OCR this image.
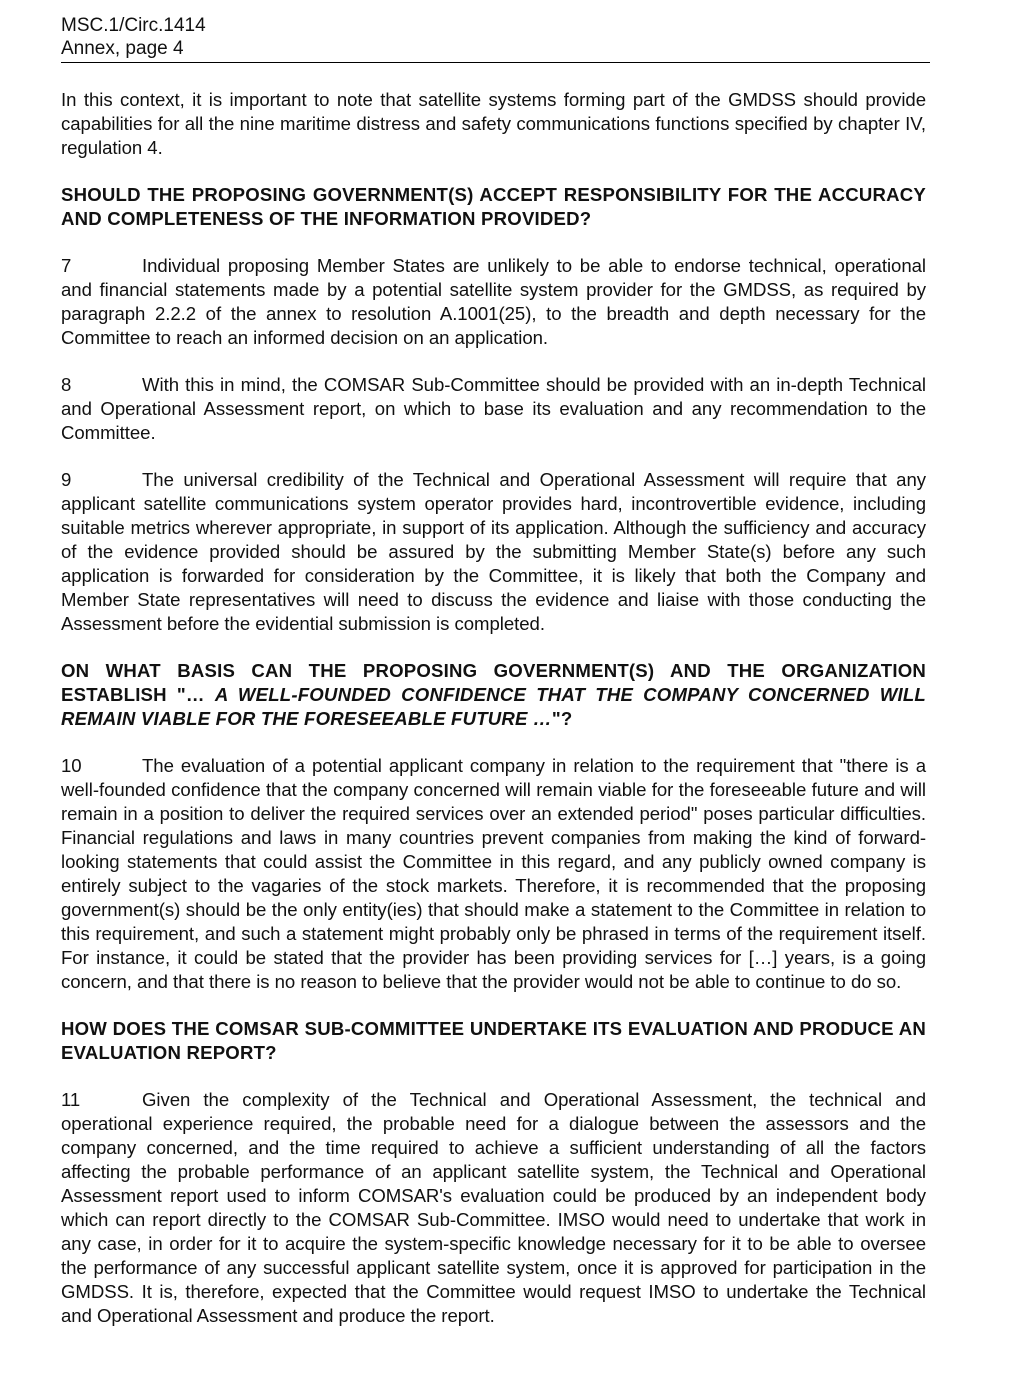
MSC.1/Circ.1414
Annex, page 4

In this context, it is important to note that satellite systems forming part of the GMDSS should provide capabilities for all the nine maritime distress and safety communications functions specified by chapter IV, regulation 4.

SHOULD THE PROPOSING GOVERNMENT(S) ACCEPT RESPONSIBILITY FOR THE ACCURACY AND COMPLETENESS OF THE INFORMATION PROVIDED?

7	Individual proposing Member States are unlikely to be able to endorse technical, operational and financial statements made by a potential satellite system provider for the GMDSS, as required by paragraph 2.2.2 of the annex to resolution A.1001(25), to the breadth and depth necessary for the Committee to reach an informed decision on an application.

8	With this in mind, the COMSAR Sub-Committee should be provided with an in-depth Technical and Operational Assessment report, on which to base its evaluation and any recommendation to the Committee.

9	The universal credibility of the Technical and Operational Assessment will require that any applicant satellite communications system operator provides hard, incontrovertible evidence, including suitable metrics wherever appropriate, in support of its application. Although the sufficiency and accuracy of the evidence provided should be assured by the submitting Member State(s) before any such application is forwarded for consideration by the Committee, it is likely that both the Company and Member State representatives will need to discuss the evidence and liaise with those conducting the Assessment before the evidential submission is completed.

ON WHAT BASIS CAN THE PROPOSING GOVERNMENT(S) AND THE ORGANIZATION ESTABLISH "… A WELL-FOUNDED CONFIDENCE THAT THE COMPANY CONCERNED WILL REMAIN VIABLE FOR THE FORESEEABLE FUTURE …"?

10	The evaluation of a potential applicant company in relation to the requirement that "there is a well-founded confidence that the company concerned will remain viable for the foreseeable future and will remain in a position to deliver the required services over an extended period" poses particular difficulties. Financial regulations and laws in many countries prevent companies from making the kind of forward-looking statements that could assist the Committee in this regard, and any publicly owned company is entirely subject to the vagaries of the stock markets. Therefore, it is recommended that the proposing government(s) should be the only entity(ies) that should make a statement to the Committee in relation to this requirement, and such a statement might probably only be phrased in terms of the requirement itself. For instance, it could be stated that the provider has been providing services for […] years, is a going concern, and that there is no reason to believe that the provider would not be able to continue to do so.

HOW DOES THE COMSAR SUB-COMMITTEE UNDERTAKE ITS EVALUATION AND PRODUCE AN EVALUATION REPORT?

11	Given the complexity of the Technical and Operational Assessment, the technical and operational experience required, the probable need for a dialogue between the assessors and the company concerned, and the time required to achieve a sufficient understanding of all the factors affecting the probable performance of an applicant satellite system, the Technical and Operational Assessment report used to inform COMSAR's evaluation could be produced by an independent body which can report directly to the COMSAR Sub-Committee. IMSO would need to undertake that work in any case, in order for it to acquire the system-specific knowledge necessary for it to be able to oversee the performance of any successful applicant satellite system, once it is approved for participation in the GMDSS. It is, therefore, expected that the Committee would request IMSO to undertake the Technical and Operational Assessment and produce the report.
